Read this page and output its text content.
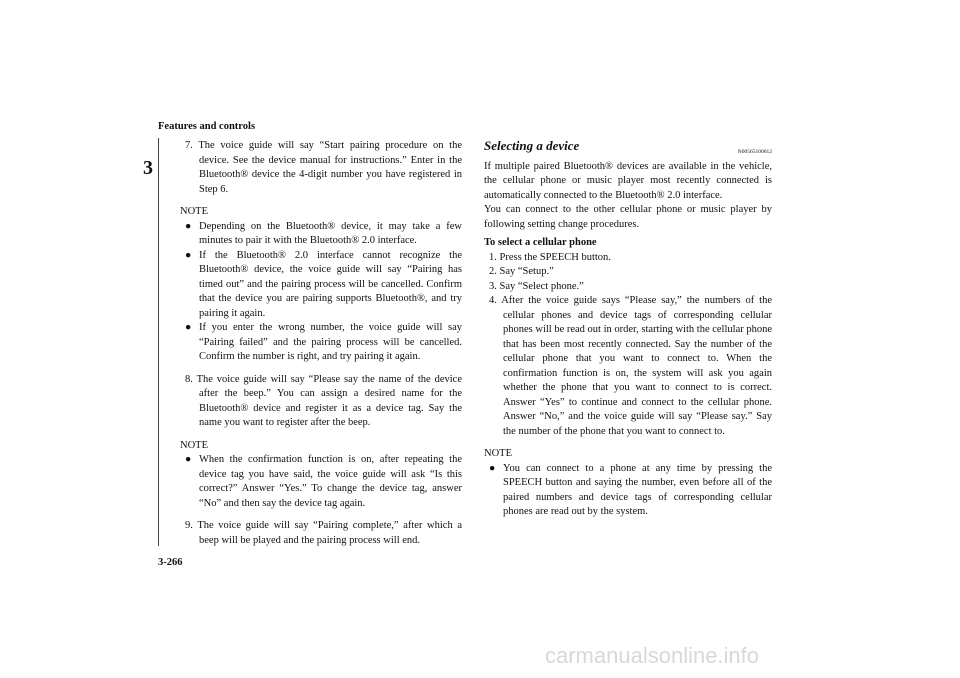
Features and controls
3
3-266

7. The voice guide will say “Start pairing procedure on the device. See the device manual for instructions.” Enter in the Bluetooth® device the 4-digit number you have registered in Step 6.

NOTE

● Depending on the Bluetooth® device, it may take a few minutes to pair it with the Bluetooth® 2.0 interface.

● If the Bluetooth® 2.0 interface cannot recognize the Bluetooth® device, the voice guide will say “Pairing has timed out” and the pairing process will be cancelled. Confirm that the device you are pairing supports Bluetooth®, and try pairing it again.

● If you enter the wrong number, the voice guide will say “Pairing failed” and the pairing process will be cancelled. Confirm the number is right, and try pairing it again.

8. The voice guide will say “Please say the name of the device after the beep.” You can assign a desired name for the Bluetooth® device and register it as a device tag. Say the name you want to register after the beep.

NOTE

● When the confirmation function is on, after repeating the device tag you have said, the voice guide will ask “Is this correct?” Answer “Yes.” To change the device tag, answer “No” and then say the device tag again.

9. The voice guide will say “Pairing complete,” after which a beep will be played and the pairing process will end.

Selecting a device	N00565100012

If multiple paired Bluetooth® devices are available in the vehicle, the cellular phone or music player most recently connected is automatically connected to the Bluetooth® 2.0 interface.

You can connect to the other cellular phone or music player by following setting change procedures.

To select a cellular phone

1. Press the SPEECH button.

2. Say “Setup.”

3. Say “Select phone.”

4. After the voice guide says “Please say,” the numbers of the cellular phones and device tags of corresponding cellular phones will be read out in order, starting with the cellular phone that has been most recently connected. Say the number of the cellular phone that you want to connect to. When the confirmation function is on, the system will ask you again whether the phone that you want to connect to is correct. Answer “Yes” to continue and connect to the cellular phone. Answer “No,” and the voice guide will say “Please say.” Say the number of the phone that you want to connect to.

NOTE

● You can connect to a phone at any time by pressing the SPEECH button and saying the number, even before all of the paired numbers and device tags of corresponding cellular phones are read out by the system.

carmanualsonline.info
